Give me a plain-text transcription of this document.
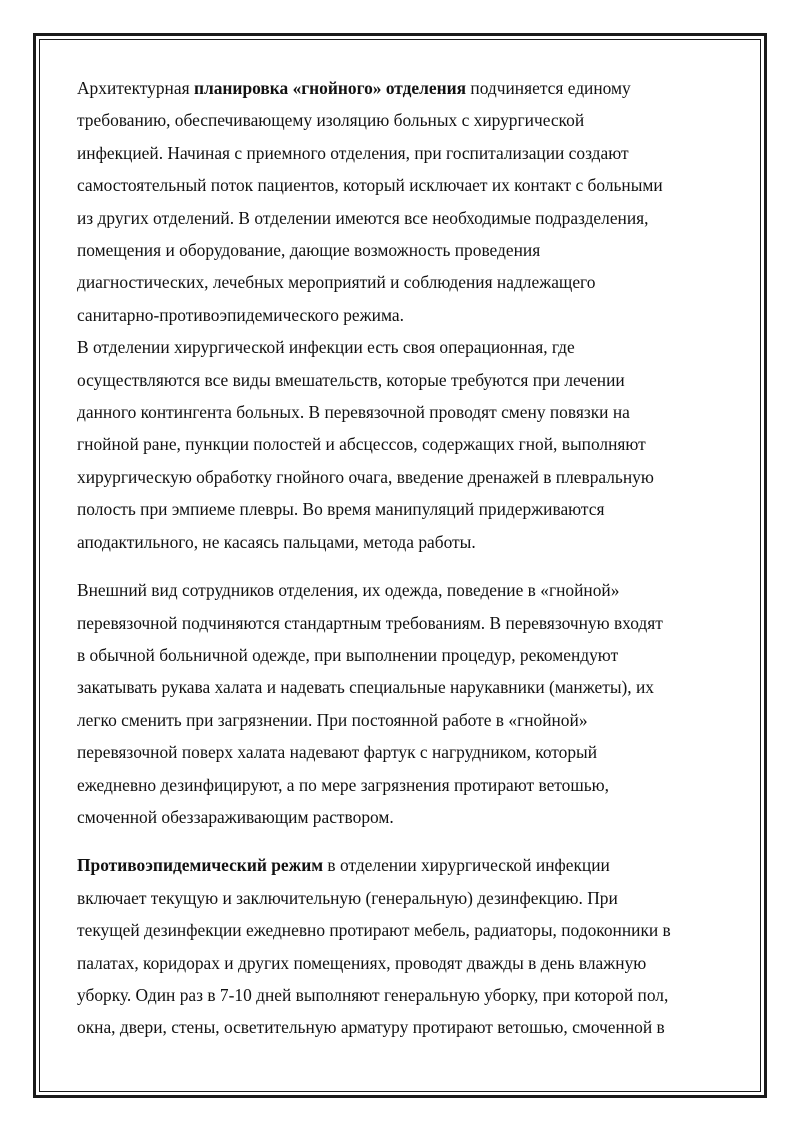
Архитектурная планировка «гнойного» отделения подчиняется единому
требованию, обеспечивающему изоляцию больных с хирургической
инфекцией. Начиная с приемного отделения, при госпитализации создают
самостоятельный поток пациентов, который исключает их контакт с больными
из других отделений. В отделении имеются все необходимые подразделения,
помещения и оборудование, дающие возможность проведения
диагностических, лечебных мероприятий и соблюдения надлежащего
санитарно-противоэпидемического режима.
В отделении хирургической инфекции есть своя операционная, где
осуществляются все виды вмешательств, которые требуются при лечении
данного контингента больных. В перевязочной проводят смену повязки на
гнойной ране, пункции полостей и абсцессов, содержащих гной, выполняют
хирургическую обработку гнойного очага, введение дренажей в плевральную
полость при эмпиеме плевры. Во время манипуляций придерживаются
аподактильного, не касаясь пальцами, метода работы.
Внешний вид сотрудников отделения, их одежда, поведение в «гнойной»
перевязочной подчиняются стандартным требованиям. В перевязочную входят
в обычной больничной одежде, при выполнении процедур, рекомендуют
закатывать рукава халата и надевать специальные нарукавники (манжеты), их
легко сменить при загрязнении. При постоянной работе в «гнойной»
перевязочной поверх халата надевают фартук с нагрудником, который
ежедневно дезинфицируют, а по мере загрязнения протирают ветошью,
смоченной обеззараживающим раствором.
Противоэпидемический режим в отделении хирургической инфекции
включает текущую и заключительную (генеральную) дезинфекцию. При
текущей дезинфекции ежедневно протирают мебель, радиаторы, подоконники в
палатах, коридорах и других помещениях, проводят дважды в день влажную
уборку. Один раз в 7-10 дней выполняют генеральную уборку, при которой пол,
окна, двери, стены, осветительную арматуру протирают ветошью, смоченной в
